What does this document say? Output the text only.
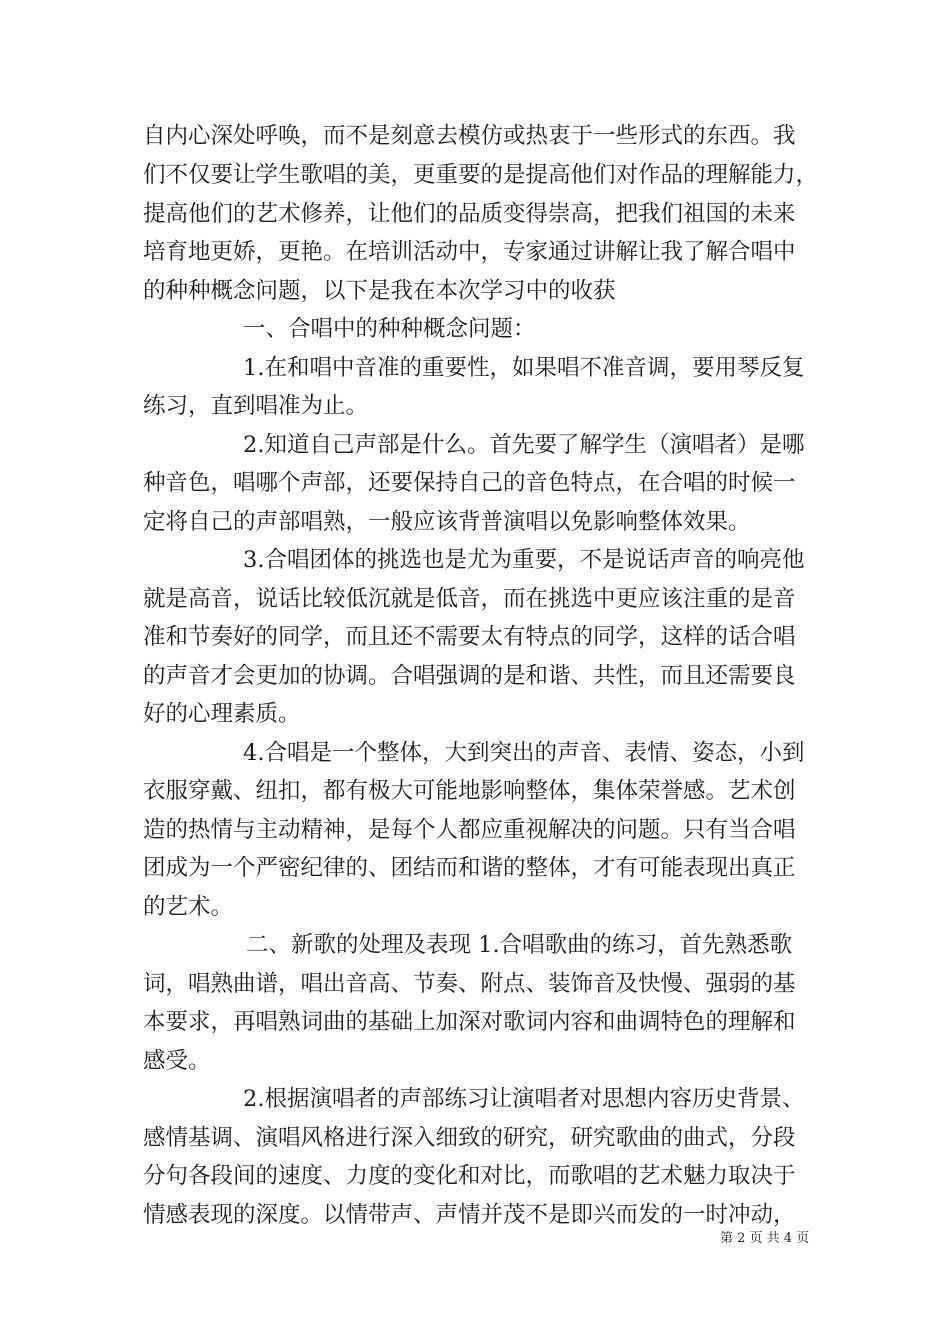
自内心深处呼唤，而不是刻意去模仿或热衷于一些形式的东西。我
们不仅要让学生歌唱的美，更重要的是提高他们对作品的理解能力，
提高他们的艺术修养，让他们的品质变得崇高，把我们祖国的未来
培育地更娇，更艳。在培训活动中，专家通过讲解让我了解合唱中
的种种概念问题，以下是我在本次学习中的收获
一、合唱中的种种概念问题：
1.在和唱中音准的重要性，如果唱不准音调，要用琴反复
练习，直到唱准为止。
2.知道自己声部是什么。首先要了解学生（演唱者）是哪
种音色，唱哪个声部，还要保持自己的音色特点，在合唱的时候一
定将自己的声部唱熟，一般应该背普演唱以免影响整体效果。
3.合唱团体的挑选也是尤为重要，不是说话声音的响亮他
就是高音，说话比较低沉就是低音，而在挑选中更应该注重的是音
准和节奏好的同学，而且还不需要太有特点的同学，这样的话合唱
的声音才会更加的协调。合唱强调的是和谐、共性，而且还需要良
好的心理素质。
4.合唱是一个整体，大到突出的声音、表情、姿态，小到
衣服穿戴、纽扣，都有极大可能地影响整体，集体荣誉感。艺术创
造的热情与主动精神，是每个人都应重视解决的问题。只有当合唱
团成为一个严密纪律的、团结而和谐的整体，才有可能表现出真正
的艺术。
二、新歌的处理及表现 1.合唱歌曲的练习，首先熟悉歌
词，唱熟曲谱，唱出音高、节奏、附点、装饰音及快慢、强弱的基
本要求，再唱熟词曲的基础上加深对歌词内容和曲调特色的理解和
感受。
2.根据演唱者的声部练习让演唱者对思想内容历史背景、
感情基调、演唱风格进行深入细致的研究，研究歌曲的曲式，分段
分句各段间的速度、力度的变化和对比，而歌唱的艺术魅力取决于
情感表现的深度。以情带声、声情并茂不是即兴而发的一时冲动，
第 2 页 共 4 页
